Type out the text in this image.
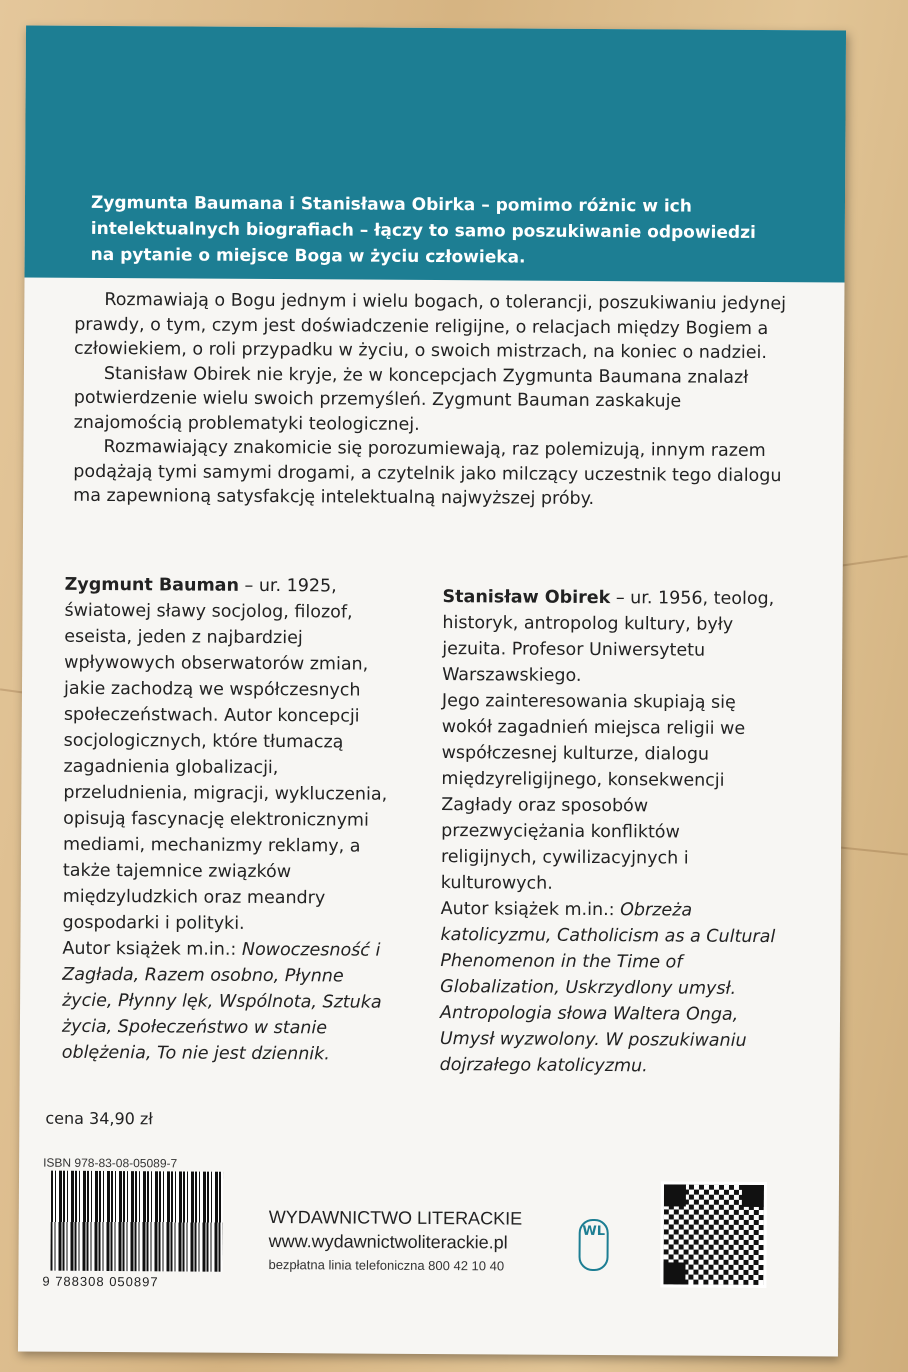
Zygmunta Baumana i Stanisława Obirka – pomimo różnic w ich intelektualnych biografiach – łączy to samo poszukiwanie odpowiedzi na pytanie o miejsce Boga w życiu człowieka.

Rozmawiają o Bogu jednym i wielu bogach, o tolerancji, poszukiwaniu jedynej prawdy, o tym, czym jest doświadczenie religijne, o relacjach między Bogiem a człowiekiem, o roli przypadku w życiu, o swoich mistrzach, na koniec o nadziei.

Stanisław Obirek nie kryje, że w koncepcjach Zygmunta Baumana znalazł potwierdzenie wielu swoich przemyśleń. Zygmunt Bauman zaskakuje znajomością problematyki teologicznej.

Rozmawiający znakomicie się porozumiewają, raz polemizują, innym razem podążają tymi samymi drogami, a czytelnik jako milczący uczestnik tego dialogu ma zapewnioną satysfakcję intelektualną najwyższej próby.

Zygmunt Bauman – ur. 1925, światowej sławy socjolog, filozof, eseista, jeden z najbardziej wpływowych obserwatorów zmian, jakie zachodzą we współczesnych społeczeństwach. Autor koncepcji socjologicznych, które tłumaczą zagadnienia globalizacji, przeludnienia, migracji, wykluczenia, opisują fascynację elektronicznymi mediami, mechanizmy reklamy, a także tajemnice związków międzyludzkich oraz meandry gospodarki i polityki.
Autor książek m.in.: Nowoczesność i Zagłada, Razem osobno, Płynne życie, Płynny lęk, Wspólnota, Sztuka życia, Społeczeństwo w stanie oblężenia, To nie jest dziennik.
Stanisław Obirek – ur. 1956, teolog, historyk, antropolog kultury, były jezuita. Profesor Uniwersytetu Warszawskiego.
Jego zainteresowania skupiają się wokół zagadnień miejsca religii we współczesnej kulturze, dialogu międzyreligijnego, konsekwencji Zagłady oraz sposobów przezwyciężania konfliktów religijnych, cywilizacyjnych i kulturowych.
Autor książek m.in.: Obrzeża katolicyzmu, Catholicism as a Cultural Phenomenon in the Time of Globalization, Uskrzydlony umysł. Antropologia słowa Waltera Onga, Umysł wyzwolony. W poszukiwaniu dojrzałego katolicyzmu.
cena 34,90 zł
ISBN 978-83-08-05089-7
9 788308 050897
WYDAWNICTWO LITERACKIE
www.wydawnictwoliterackie.pl
bezpłatna linia telefoniczna 800 42 10 40
WL
